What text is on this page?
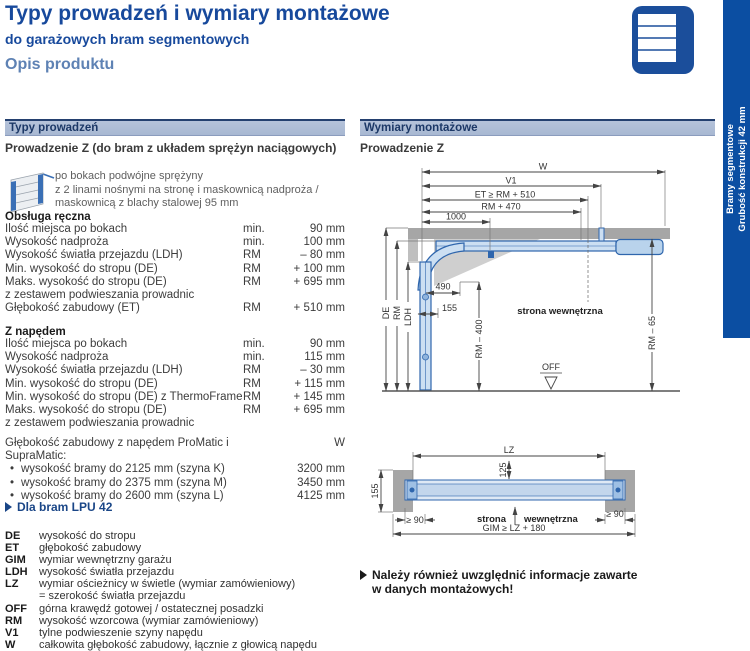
Typy prowadzeń i wymiary montażowe
do garażowych bram segmentowych
Opis produktu
Bramy segmentowe Grubość konstrukcji 42 mm
Typy prowadzeń	Wymiary montażowe
Prowadzenie Z (do bram z układem sprężyn naciągowych)
po bokach podwójne sprężyny
z 2 linami nośnymi na stronę i maskownicą nadproża /
maskownicą z blachy stalowej 95 mm
Obsługa ręczna
Ilość miejsca po bokach	min.	90 mm
Wysokość nadproża	min.	100 mm
Wysokość światła przejazdu (LDH)	RM	– 80 mm
Min. wysokość do stropu (DE)	RM	+ 100 mm
Maks. wysokość do stropu (DE)	RM	+ 695 mm
z zestawem podwieszania prowadnic
Głębokość zabudowy (ET)	RM	+ 510 mm
Z napędem
Ilość miejsca po bokach	min.	90 mm
Wysokość nadproża	min.	115 mm
Wysokość światła przejazdu (LDH)	RM	– 30 mm
Min. wysokość do stropu (DE)	RM	+ 115 mm
Min. wysokość do stropu (DE) z ThermoFrame RM	+ 145 mm
Maks. wysokość do stropu (DE)	RM	+ 695 mm
z zestawem podwieszania prowadnic
Głębokość zabudowy z napędem ProMatic i SupraMatic:
W
•
wysokość bramy do 2125 mm (szyna K)	3200 mm
•
wysokość bramy do 2375 mm (szyna M)	3450 mm
•
wysokość bramy do 2600 mm (szyna L)	4125 mm
Dla bram LPU 42
DE	wysokość do stropu
ET	głębokość zabudowy
GIM	wymiar wewnętrzny garażu
LDH	wysokość światła przejazdu
LZ	wymiar ościeżnicy w świetle (wymiar zamówieniowy)
= szerokość światła przejazdu
OFF	górna krawędź gotowej / ostatecznej posadzki
RM	wysokość wzorcowa (wymiar zamówieniowy)
V1	tylne podwieszenie szyny napędu
W	całkowita głębokość zabudowy, łącznie z głowicą napędu
Prowadzenie Z
W
V1
ET ≥ RM + 510
RM + 470
1000
DE RM LDH
490
155
RM – 400	RM – 65
strona wewnętrzna
OFF
LZ
125
155
≥ 90
≥ 90
strona wewnętrzna
GIM ≥ LZ + 180
Należy również uwzględnić informacje zawarte
w danych montażowych!
